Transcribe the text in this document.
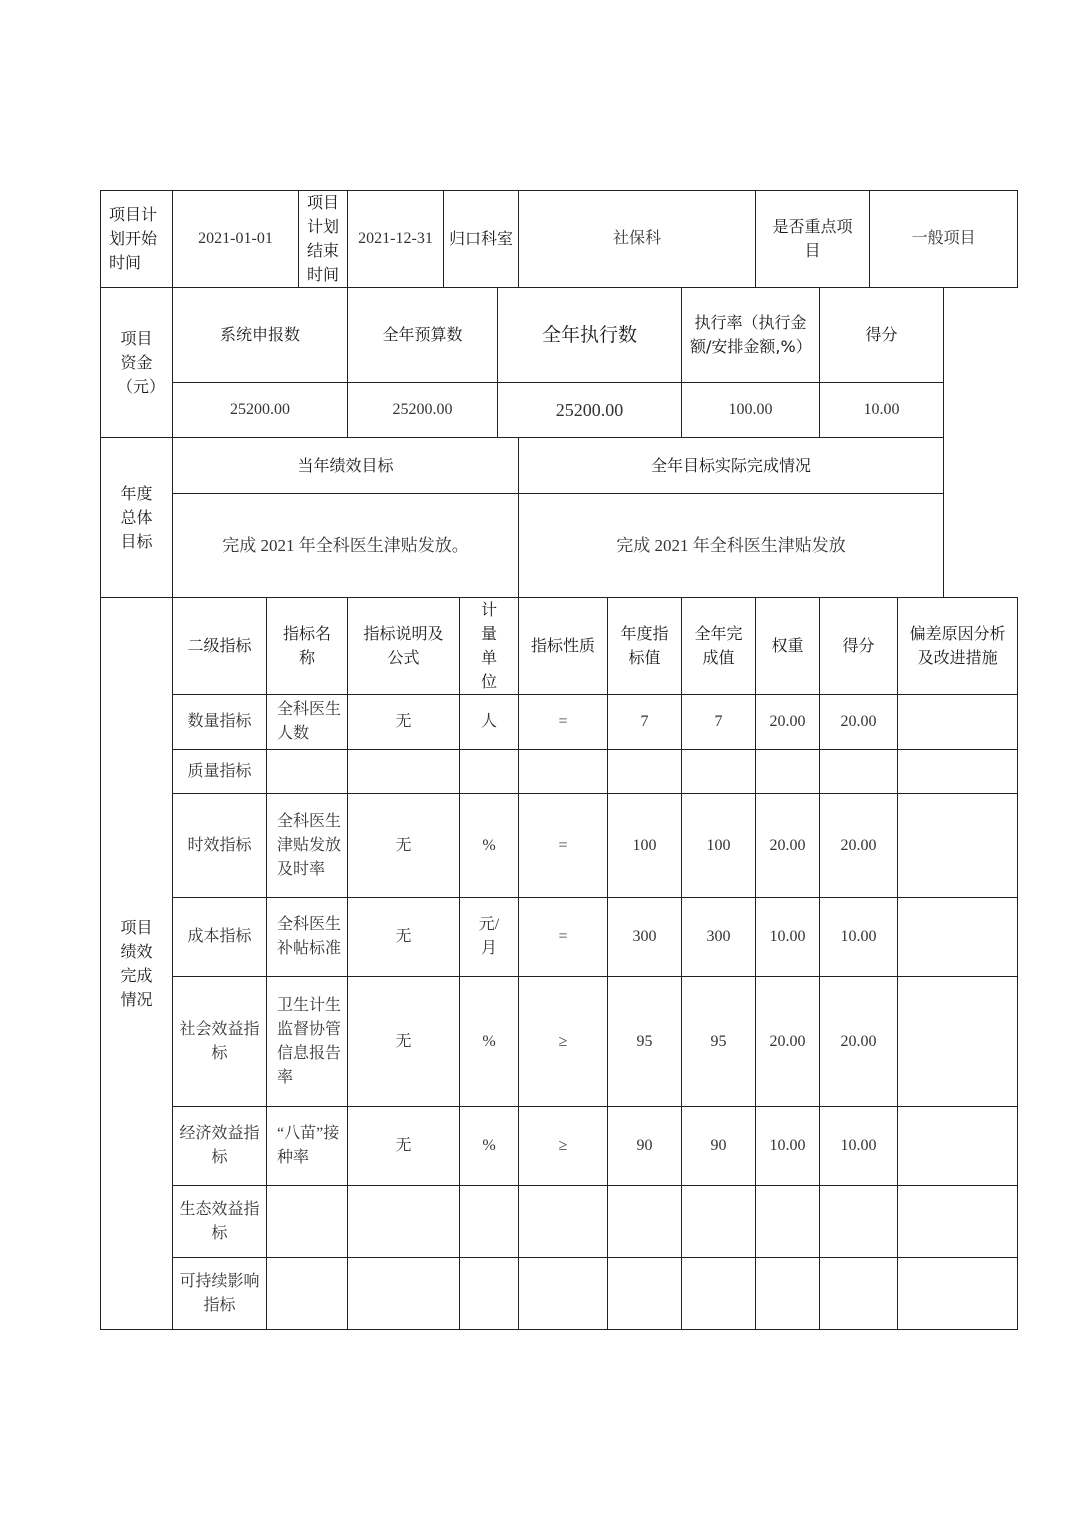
项目计划开始时间	2021-01-01		项目计划结束时间	2021-12-31	归口科室			社保科			是否重点项目		一般项目	
项目资金（元）	系统申报数			全年预算数			全年执行数			执行率（执行金额/安排金额,%）		得分		
	25200.00			25200.00			25200.00			100.00		10.00		
年度总体目标	当年绩效目标							全年目标实际完成情况						
	完成 2021 年全科医生津贴发放。							完成 2021 年全科医生津贴发放						
项目绩效完成情况	二级指标	指标名称		指标说明及公式		计量单位		指标性质	年度指标值	全年完成值	权重	得分		偏差原因分析及改进措施
	数量指标	全科医生人数		无		人		=	7	7	20.00	20.00		
	质量指标													
	时效指标	全科医生津贴发放及时率		无		%		=	100	100	20.00	20.00		
	成本指标	全科医生补帖标准		无		元/月		=	300	300	10.00	10.00		
	社会效益指标	卫生计生监督协管信息报告率		无		%		≥	95	95	20.00	20.00		
	经济效益指标	“八苗”接种率		无		%		≥	90	90	10.00	10.00		
	生态效益指标													
	可持续影响指标													
